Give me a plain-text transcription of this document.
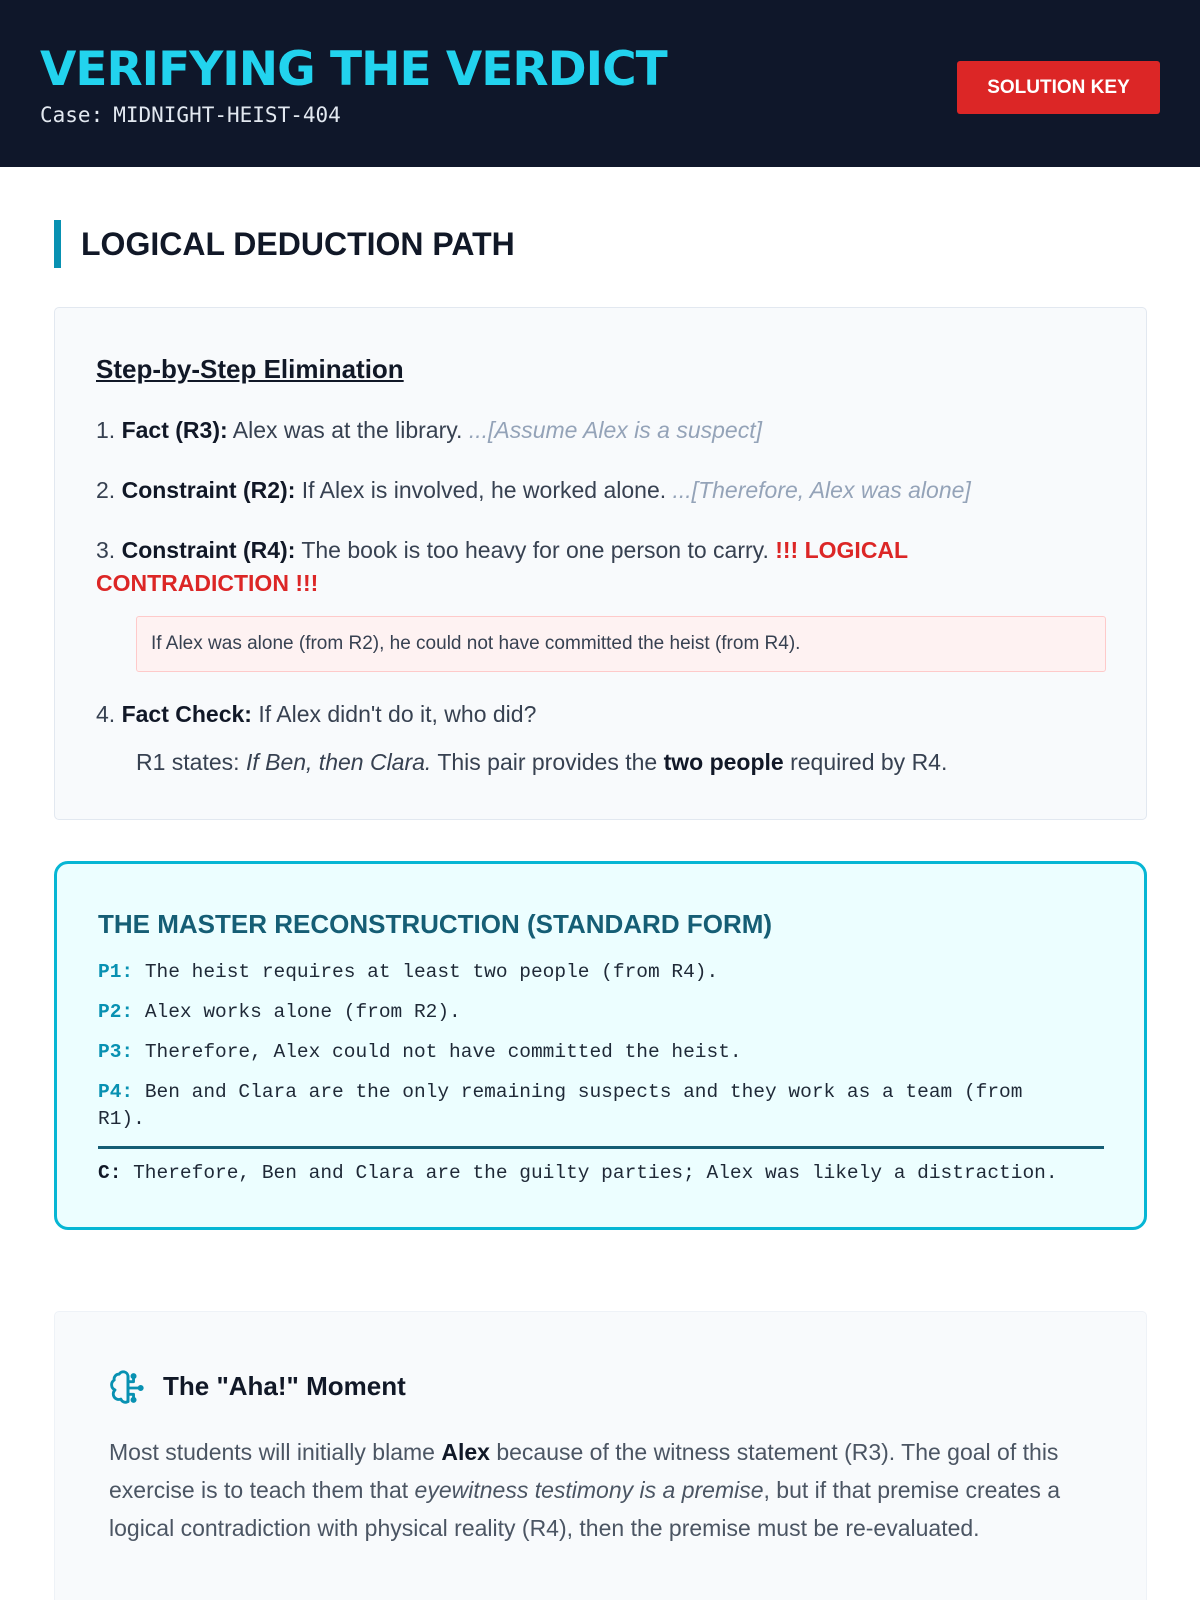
VERIFYING THE VERDICT
Case: MIDNIGHT-HEIST-404
SOLUTION KEY
LOGICAL DEDUCTION PATH
Step-by-Step Elimination
1. Fact (R3): Alex was at the library. ...[Assume Alex is a suspect]
2. Constraint (R2): If Alex is involved, he worked alone. ...[Therefore, Alex was alone]
3. Constraint (R4): The book is too heavy for one person to carry. !!! LOGICAL CONTRADICTION !!!
If Alex was alone (from R2), he could not have committed the heist (from R4).
4. Fact Check: If Alex didn't do it, who did?
R1 states: If Ben, then Clara. This pair provides the two people required by R4.
THE MASTER RECONSTRUCTION (STANDARD FORM)
P1: The heist requires at least two people (from R4).
P2: Alex works alone (from R2).
P3: Therefore, Alex could not have committed the heist.
P4: Ben and Clara are the only remaining suspects and they work as a team (from R1).
C: Therefore, Ben and Clara are the guilty parties; Alex was likely a distraction.
The "Aha!" Moment
Most students will initially blame Alex because of the witness statement (R3). The goal of this exercise is to teach them that eyewitness testimony is a premise, but if that premise creates a logical contradiction with physical reality (R4), then the premise must be re-evaluated.
